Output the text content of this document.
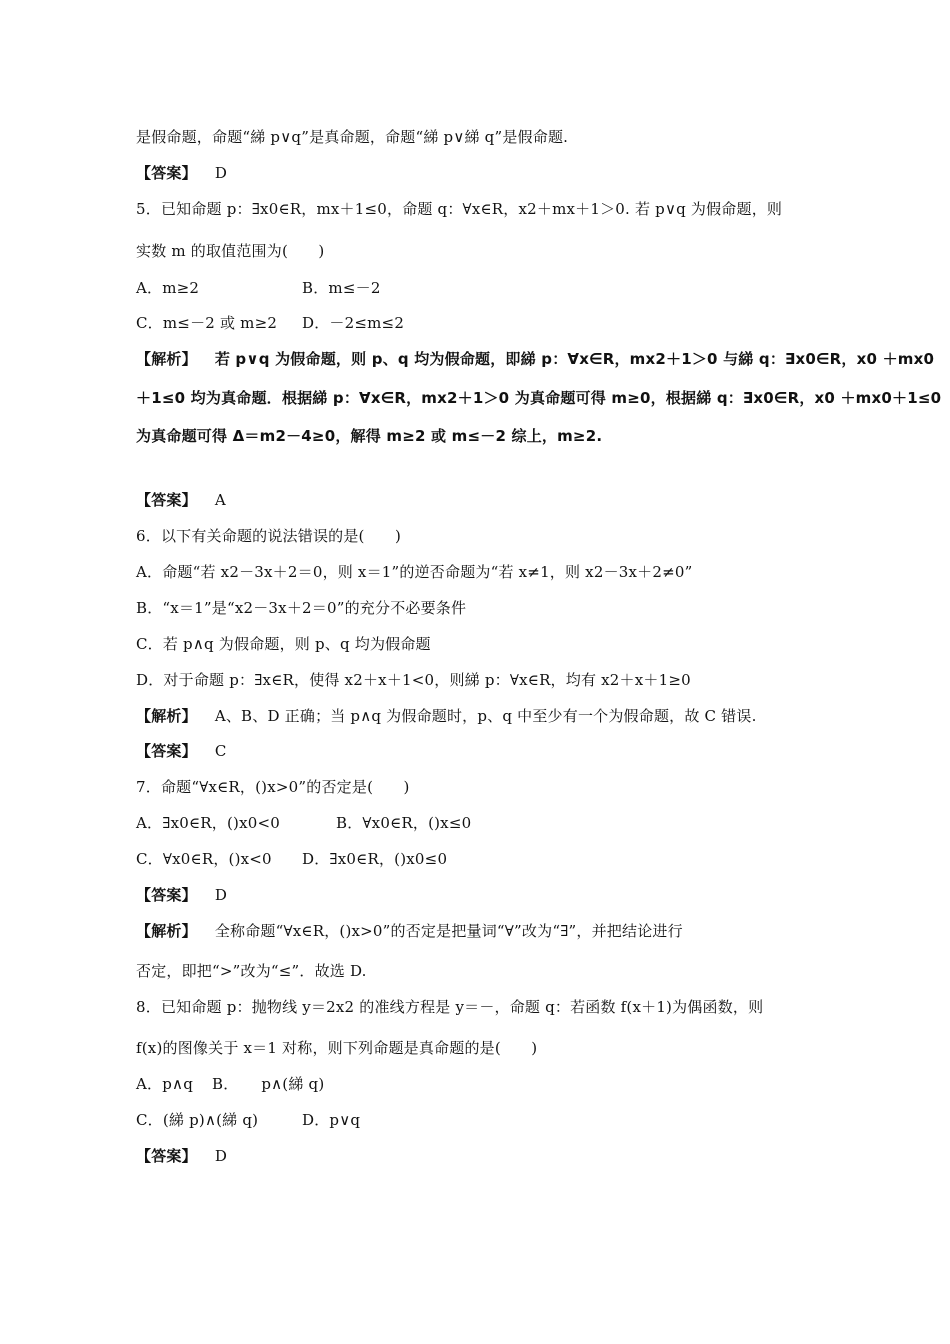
是假命题，命题“綈 p∨q”是真命题，命题“綈 p∨綈 q”是假命题.
【答案】 D
5．已知命题 p：∃x0∈R，mx＋1≤0，命题 q：∀x∈R，x2＋mx＋1＞0. 若 p∨q 为假命题，则
实数 m 的取值范围为(　　)
A．m≥2	B．m≤－2
C．m≤－2 或 m≥2 D．－2≤m≤2
【解析】 若 p∨q 为假命题，则 p、q 均为假命题，即綈 p：∀x∈R，mx2＋1＞0 与綈 q：∃x0∈R，x0 ＋mx0
＋1≤0 均为真命题．根据綈 p：∀x∈R，mx2＋1＞0 为真命题可得 m≥0，根据綈 q：∃x0∈R，x0 ＋mx0＋1≤0
为真命题可得 Δ＝m2－4≥0，解得 m≥2 或 m≤－2 综上，m≥2.
【答案】 A
6．以下有关命题的说法错误的是(　　)
A．命题“若 x2－3x＋2＝0，则 x＝1”的逆否命题为“若 x≠1，则 x2－3x＋2≠0”
B．“x＝1”是“x2－3x＋2＝0”的充分不必要条件
C．若 p∧q 为假命题，则 p、q 均为假命题
D．对于命题 p：∃x∈R，使得 x2＋x＋1<0，则綈 p：∀x∈R，均有 x2＋x＋1≥0
【解析】 A、B、D 正确；当 p∧q 为假命题时，p、q 中至少有一个为假命题，故 C 错误.
【答案】 C
7．命题“∀x∈R，()x>0”的否定是(　　)
A．∃x0∈R，()x0<0	B．∀x0∈R，()x≤0
C．∀x0∈R，()x<0 D．∃x0∈R，()x0≤0
【答案】 D
【解析】 全称命题“∀x∈R，()x>0”的否定是把量词“∀”改为“∃”，并把结论进行
否定，即把“>”改为“≤”．故选 D.
8．已知命题 p：抛物线 y＝2x2 的准线方程是 y＝－，命题 q：若函数 f(x＋1)为偶函数，则
f(x)的图像关于 x＝1 对称，则下列命题是真命题的是(　　)
A．p∧q B．　　p∧(綈 q)
C．(綈 p)∧(綈 q)	D．p∨q
【答案】 D
